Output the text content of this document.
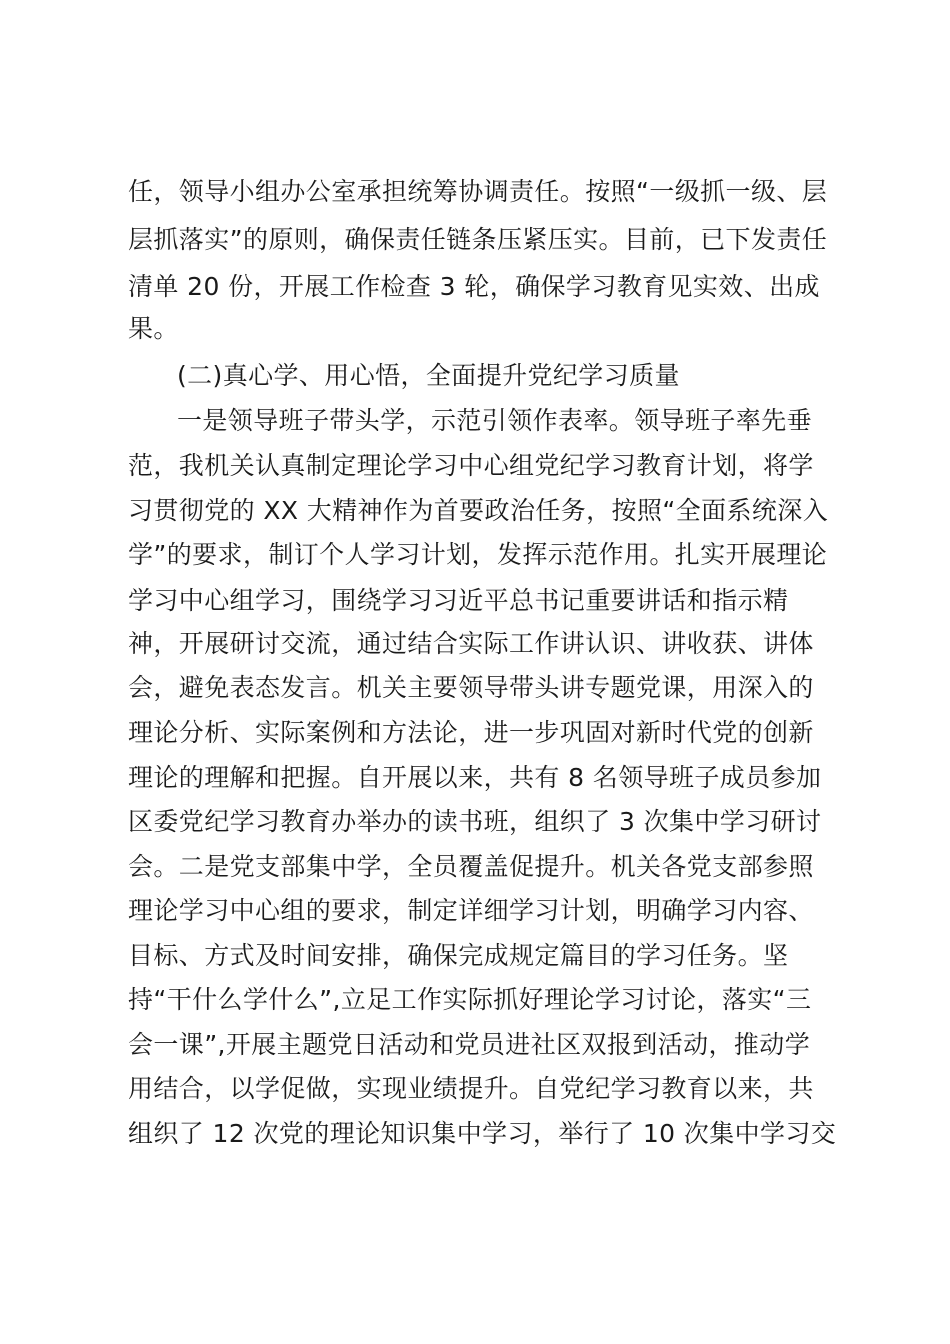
任，领导小组办公室承担统筹协调责任。按照“一级抓一级、层
层抓落实”的原则，确保责任链条压紧压实。目前，已下发责任
清单 20 份，开展工作检查 3 轮，确保学习教育见实效、出成
果。
(二)真心学、用心悟，全面提升党纪学习质量
一是领导班子带头学，示范引领作表率。领导班子率先垂
范，我机关认真制定理论学习中心组党纪学习教育计划，将学
习贯彻党的 XX 大精神作为首要政治任务，按照“全面系统深入
学”的要求，制订个人学习计划，发挥示范作用。扎实开展理论
学习中心组学习，围绕学习习近平总书记重要讲话和指示精
神，开展研讨交流，通过结合实际工作讲认识、讲收获、讲体
会，避免表态发言。机关主要领导带头讲专题党课，用深入的
理论分析、实际案例和方法论，进一步巩固对新时代党的创新
理论的理解和把握。自开展以来，共有 8 名领导班子成员参加
区委党纪学习教育办举办的读书班，组织了 3 次集中学习研讨
会。二是党支部集中学，全员覆盖促提升。机关各党支部参照
理论学习中心组的要求，制定详细学习计划，明确学习内容、
目标、方式及时间安排，确保完成规定篇目的学习任务。坚
持“干什么学什么”,立足工作实际抓好理论学习讨论，落实“三
会一课”,开展主题党日活动和党员进社区双报到活动，推动学
用结合，以学促做，实现业绩提升。自党纪学习教育以来，共
组织了 12 次党的理论知识集中学习，举行了 10 次集中学习交
